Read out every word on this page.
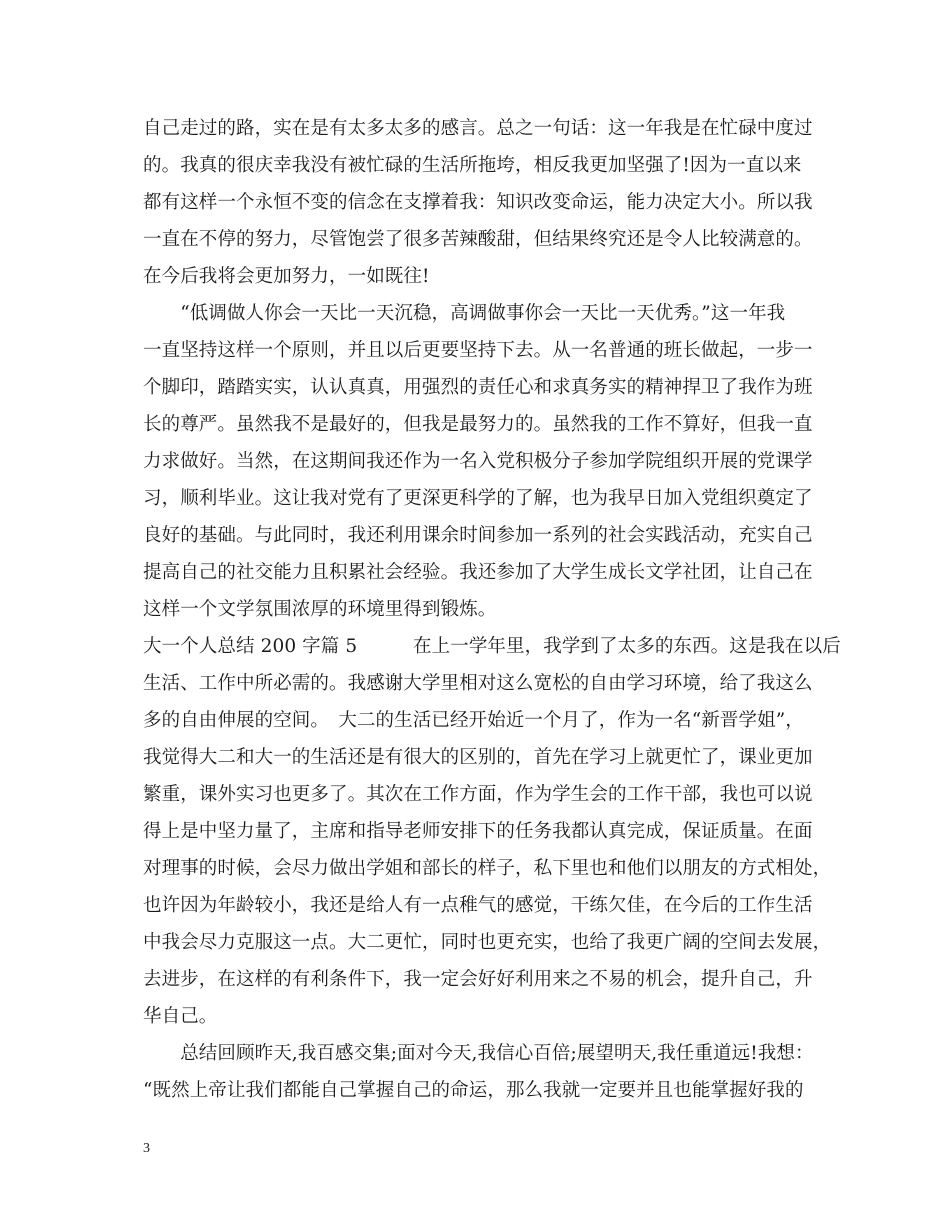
自己走过的路，实在是有太多太多的感言。总之一句话：这一年我是在忙碌中度过
的。我真的很庆幸我没有被忙碌的生活所拖垮，相反我更加坚强了!因为一直以来
都有这样一个永恒不变的信念在支撑着我：知识改变命运，能力决定大小。所以我
一直在不停的努力，尽管饱尝了很多苦辣酸甜，但结果终究还是令人比较满意的。
在今后我将会更加努力，一如既往!
　　“低调做人你会一天比一天沉稳，高调做事你会一天比一天优秀。”这一年我
一直坚持这样一个原则，并且以后更要坚持下去。从一名普通的班长做起，一步一
个脚印，踏踏实实，认认真真，用强烈的责任心和求真务实的精神捍卫了我作为班
长的尊严。虽然我不是最好的，但我是最努力的。虽然我的工作不算好，但我一直
力求做好。当然，在这期间我还作为一名入党积极分子参加学院组织开展的党课学
习，顺利毕业。这让我对党有了更深更科学的了解，也为我早日加入党组织奠定了
良好的基础。与此同时，我还利用课余时间参加一系列的社会实践活动，充实自己
提高自己的社交能力且积累社会经验。我还参加了大学生成长文学社团，让自己在
这样一个文学氛围浓厚的环境里得到锻炼。
大一个人总结 200 字篇 5　　　在上一学年里，我学到了太多的东西。这是我在以后
生活、工作中所必需的。我感谢大学里相对这么宽松的自由学习环境，给了我这么
多的自由伸展的空间。　大二的生活已经开始近一个月了，作为一名“新晋学姐”，
我觉得大二和大一的生活还是有很大的区别的，首先在学习上就更忙了，课业更加
繁重，课外实习也更多了。其次在工作方面，作为学生会的工作干部，我也可以说
得上是中坚力量了，主席和指导老师安排下的任务我都认真完成，保证质量。在面
对理事的时候，会尽力做出学姐和部长的样子，私下里也和他们以朋友的方式相处，
也许因为年龄较小，我还是给人有一点稚气的感觉，干练欠佳，在今后的工作生活
中我会尽力克服这一点。大二更忙，同时也更充实，也给了我更广阔的空间去发展，
去进步，在这样的有利条件下，我一定会好好利用来之不易的机会，提升自己，升
华自己。
　　总结回顾昨天,我百感交集;面对今天,我信心百倍;展望明天,我任重道远!我想：
“既然上帝让我们都能自己掌握自己的命运，那么我就一定要并且也能掌握好我的
3
